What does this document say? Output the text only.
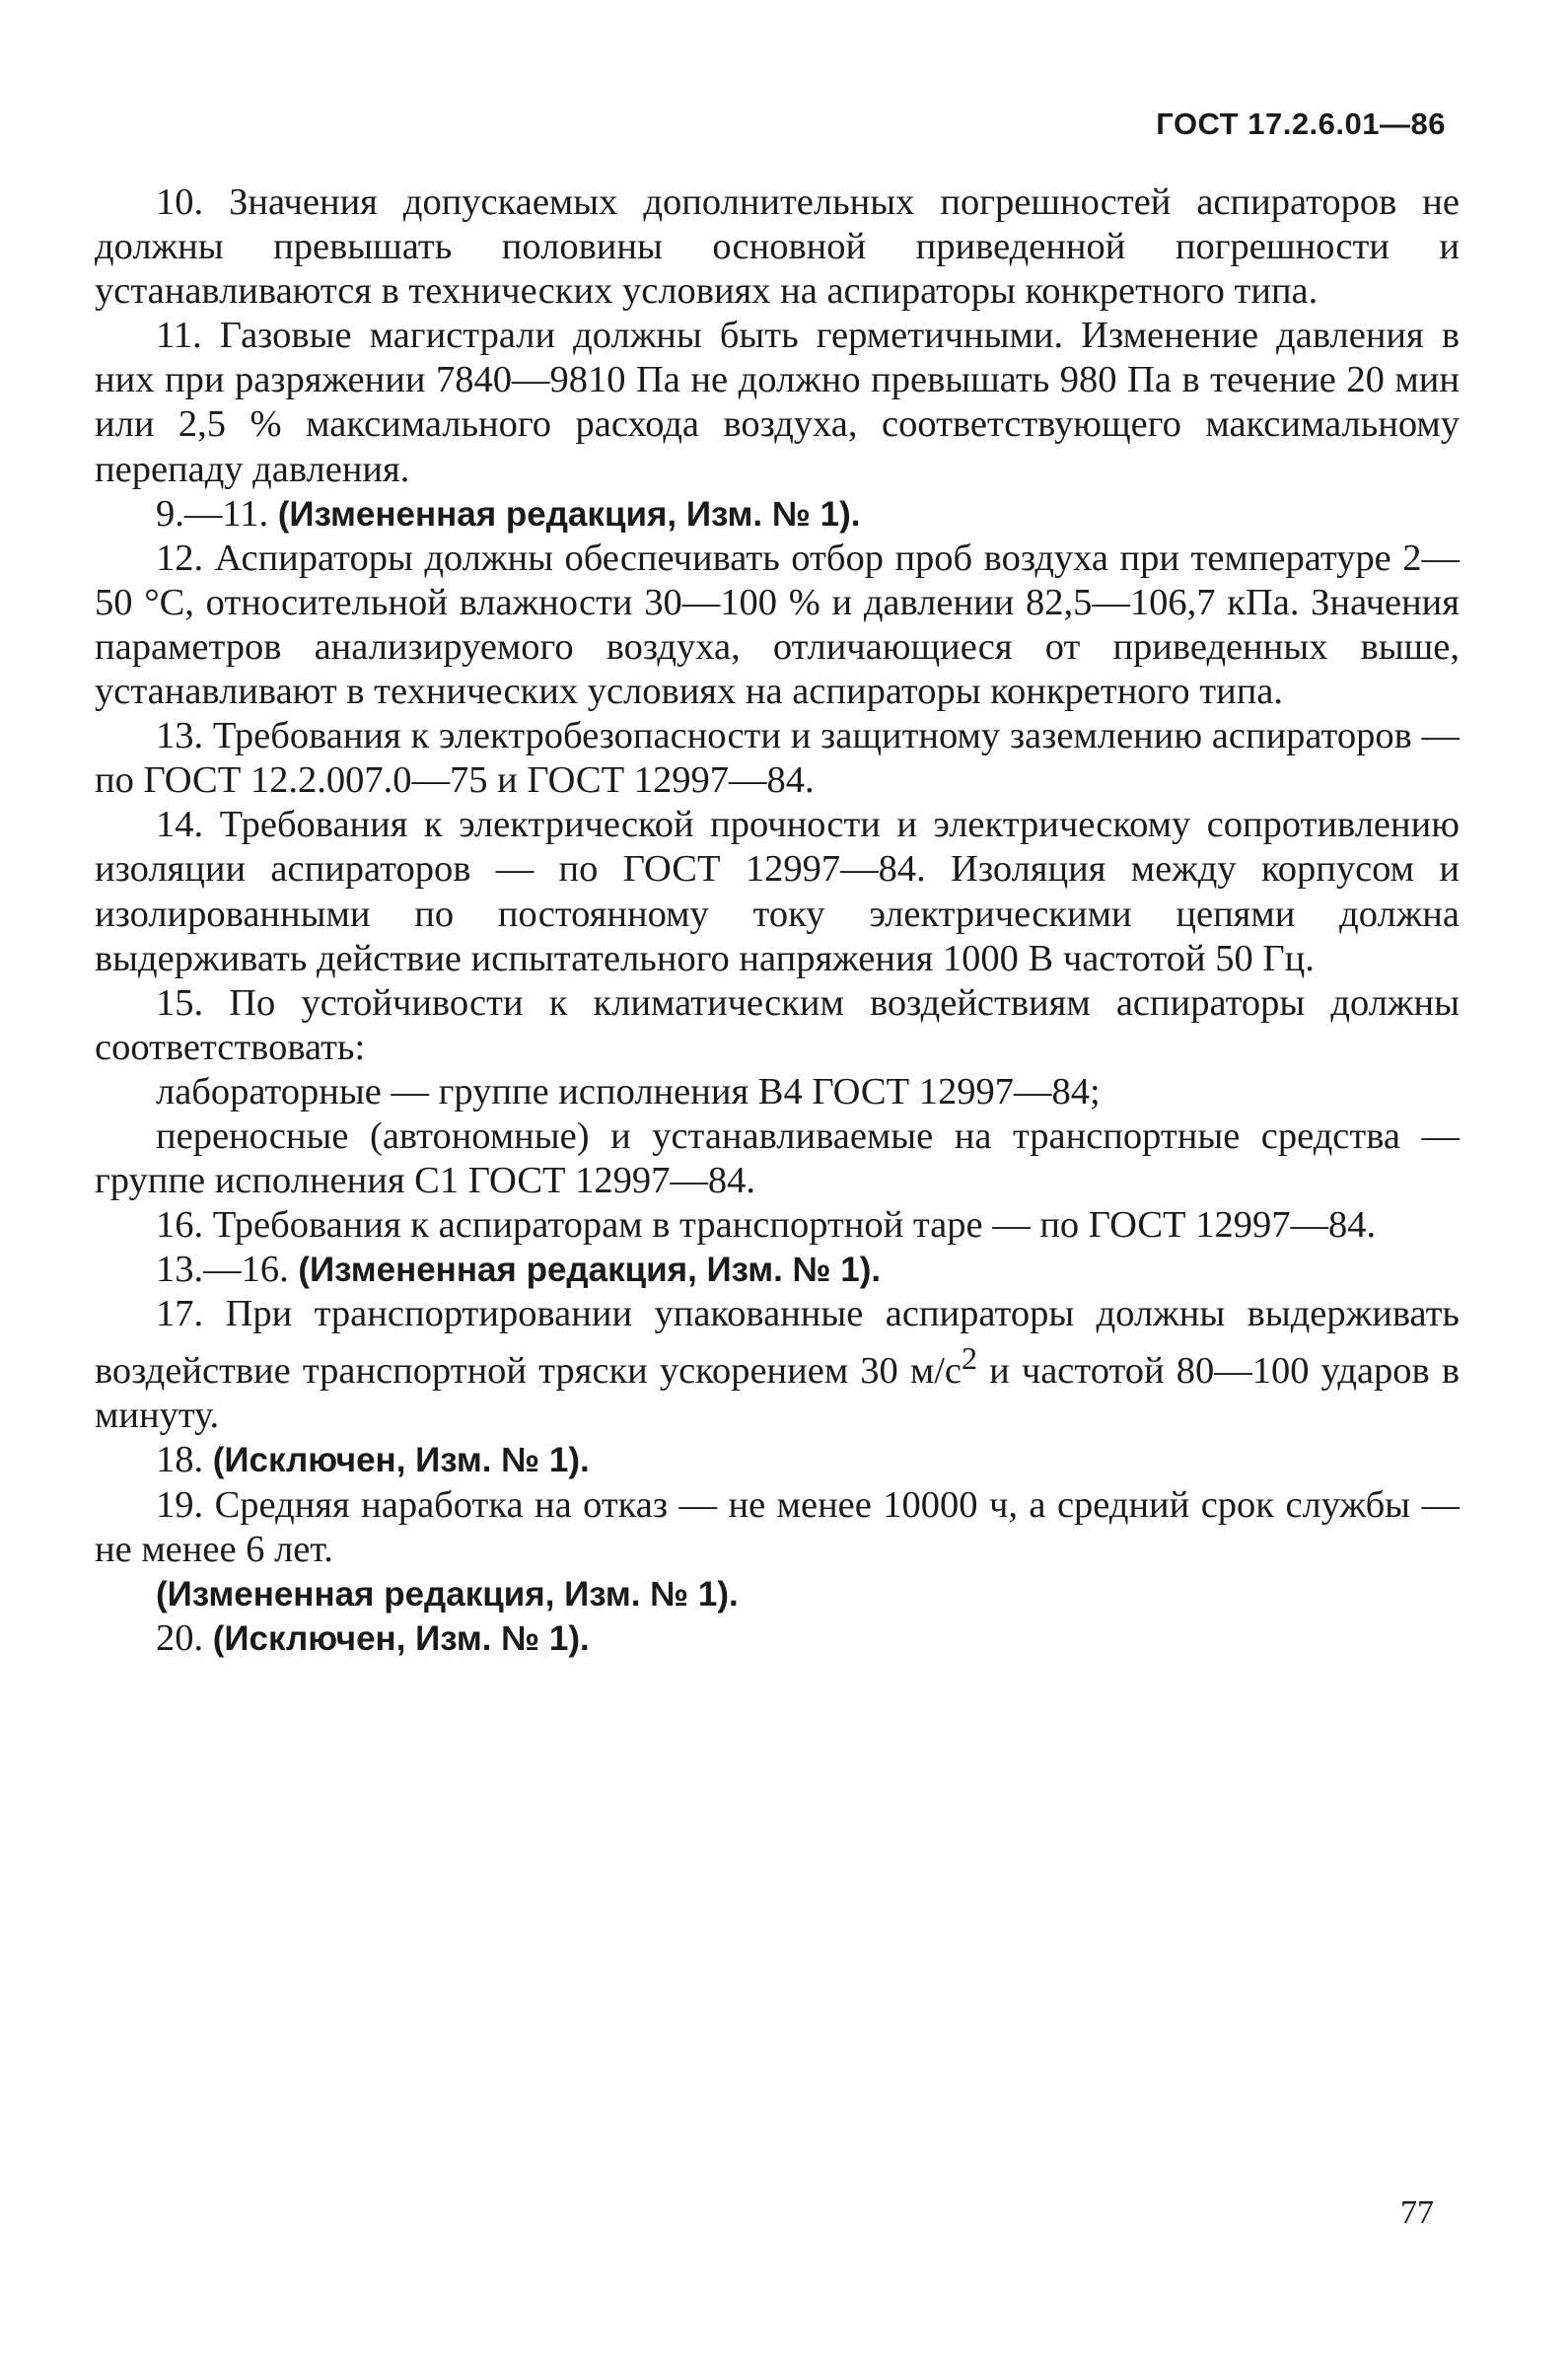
ГОСТ 17.2.6.01—86

10. Значения допускаемых дополнительных погрешностей аспираторов не должны превышать половины основной приведенной погрешности и устанавливаются в технических условиях на аспираторы конкретного типа.

11. Газовые магистрали должны быть герметичными. Изменение давления в них при разряжении 7840—9810 Па не должно превышать 980 Па в течение 20 мин или 2,5 % максимального расхода воздуха, соответствующего максимальному перепаду давления.

9.—11. (Измененная редакция, Изм. № 1).

12. Аспираторы должны обеспечивать отбор проб воздуха при температуре 2—50 °С, относительной влажности 30—100 % и давлении 82,5—106,7 кПа. Значения параметров анализируемого воздуха, отличающиеся от приведенных выше, устанавливают в технических условиях на аспираторы конкретного типа.

13. Требования к электробезопасности и защитному заземлению аспираторов — по ГОСТ 12.2.007.0—75 и ГОСТ 12997—84.

14. Требования к электрической прочности и электрическому сопротивлению изоляции аспираторов — по ГОСТ 12997—84. Изоляция между корпусом и изолированными по постоянному току электрическими цепями должна выдерживать действие испытательного напряжения 1000 В частотой 50 Гц.

15. По устойчивости к климатическим воздействиям аспираторы должны соответствовать:

лабораторные — группе исполнения В4 ГОСТ 12997—84;

переносные (автономные) и устанавливаемые на транспортные средства — группе исполнения С1 ГОСТ 12997—84.

16. Требования к аспираторам в транспортной таре — по ГОСТ 12997—84.

13.—16. (Измененная редакция, Изм. № 1).

17. При транспортировании упакованные аспираторы должны выдерживать воздействие транспортной тряски ускорением 30 $м/с^2$ и частотой 80—100 ударов в минуту.

18. (Исключен, Изм. № 1).

19. Средняя наработка на отказ — не менее 10000 ч, а средний срок службы — не менее 6 лет.

(Измененная редакция, Изм. № 1).

20. (Исключен, Изм. № 1).

77
